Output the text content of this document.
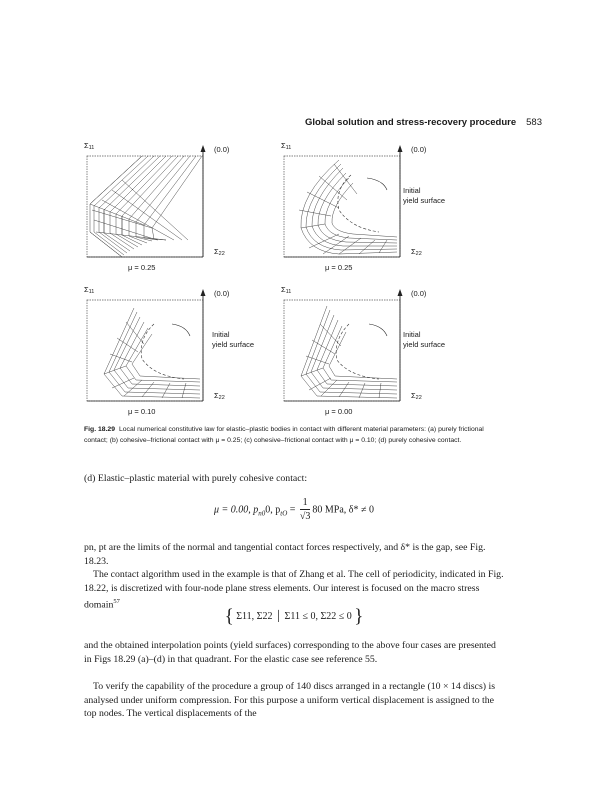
Global solution and stress-recovery procedure 583
Σ11	(0.0)
Σ22
μ = 0.25
Σ11	(0.0)
Initial
yield surface
Σ22
μ = 0.25
Σ11	(0.0)
Initial
yield surface
Σ22
μ = 0.10
Σ11	(0.0)
Initial
yield surface
Σ22
μ = 0.00
Fig. 18.29 Local numerical constitutive law for elastic–plastic bodies in contact with different material parameters: (a) purely frictional contact; (b) cohesive–frictional contact with μ = 0.25; (c) cohesive–frictional contact with μ = 0.10; (d) purely cohesive contact.
(d) Elastic–plastic material with purely cohesive contact:
μ = 0.00, $p_{n0}0$, $p_{tO} = \frac{1}{√3} 80$ MPa, δ* ≠ 0
pn, pt are the limits of the normal and tangential contact forces respectively, and δ* is the gap, see Fig. 18.23.
The contact algorithm used in the example is that of Zhang et al. The cell of periodicity, indicated in Fig. 18.22, is discretized with four-node plane stress elements. Our interest is focused on the macro stress domain$^{57}$
{ Σ11, Σ22 │ Σ11 ≤ 0, Σ22 ≤ 0 }
and the obtained interpolation points (yield surfaces) corresponding to the above four cases are presented in Figs 18.29 (a)–(d) in that quadrant. For the elastic case see reference 55.
To verify the capability of the procedure a group of 140 discs arranged in a rectangle (10 × 14 discs) is analysed under uniform compression. For this purpose a uniform vertical displacement is assigned to the top nodes. The vertical displacements of the
